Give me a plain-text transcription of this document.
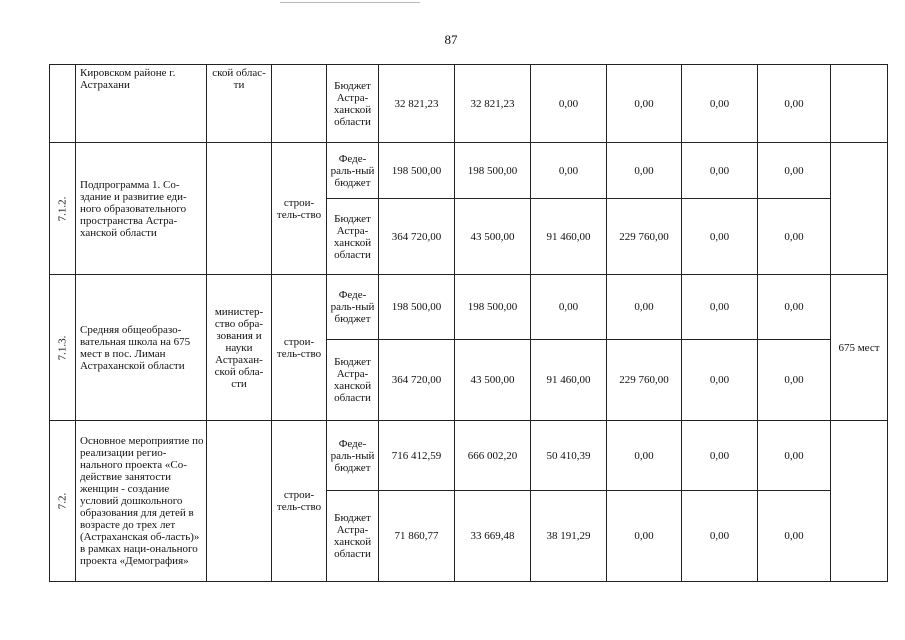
87
	Кировском районе г. Астрахани	ской облас-ти		Бюджет Астра-ханской области	32 821,23	32 821,23	0,00	0,00	0,00	0,00	
7.1.2.	Подпрограмма 1. Со-здание и развитие еди-ного образовательного пространства Астра-ханской области		строи-тель-ство	Феде-раль-ный бюджет	198 500,00	198 500,00	0,00	0,00	0,00	0,00	
				Бюджет Астра-ханской области	364 720,00	43 500,00	91 460,00	229 760,00	0,00	0,00	
7.1.3.	Средняя общеобразо-вательная школа на 675 мест в пос. Лиман Астраханской области	министер-ство обра-зования и науки Астрахан-ской обла-сти	строи-тель-ство	Феде-раль-ный бюджет	198 500,00	198 500,00	0,00	0,00	0,00	0,00	675 мест
				Бюджет Астра-ханской области	364 720,00	43 500,00	91 460,00	229 760,00	0,00	0,00	
7.2.	Основное мероприятие по реализации регио-нального проекта «Со-действие занятости женщин - создание условий дошкольного образования для детей в возрасте до трех лет (Астраханская об-ласть)» в рамках наци-онального проекта «Демография»		строи-тель-ство	Феде-раль-ный бюджет	716 412,59	666 002,20	50 410,39	0,00	0,00	0,00	
				Бюджет Астра-ханской области	71 860,77	33 669,48	38 191,29	0,00	0,00	0,00	
